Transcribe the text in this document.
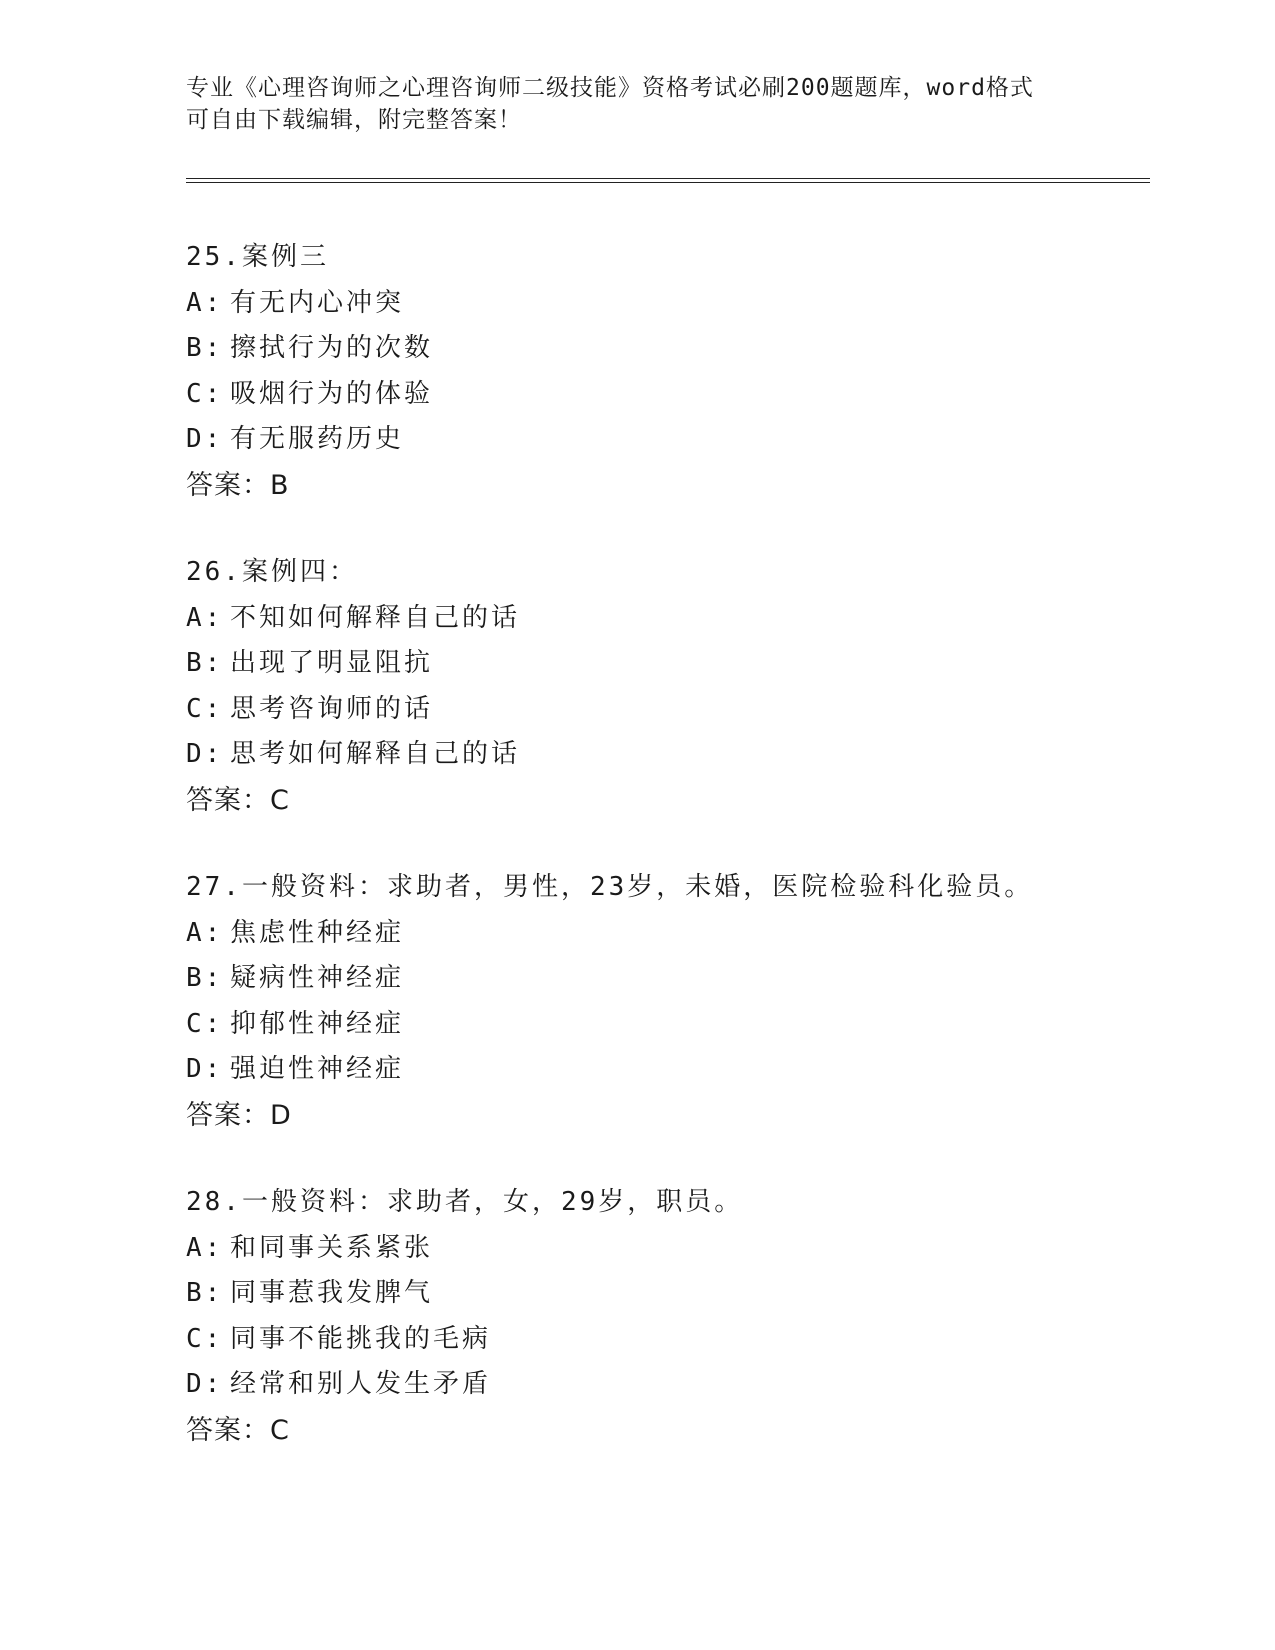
专业《心理咨询师之心理咨询师二级技能》资格考试必刷200题题库，word格式
可自由下载编辑，附完整答案！
25.案例三
A: 有无内心冲突
B: 擦拭行为的次数
C: 吸烟行为的体验
D: 有无服药历史
答案：B
26.案例四：
A: 不知如何解释自己的话
B: 出现了明显阻抗
C: 思考咨询师的话
D: 思考如何解释自己的话
答案：C
27.一般资料：求助者，男性，23岁，未婚，医院检验科化验员。
A: 焦虑性种经症
B: 疑病性神经症
C: 抑郁性神经症
D: 强迫性神经症
答案：D
28.一般资料：求助者，女，29岁，职员。
A: 和同事关系紧张
B: 同事惹我发脾气
C: 同事不能挑我的毛病
D: 经常和别人发生矛盾
答案：C
